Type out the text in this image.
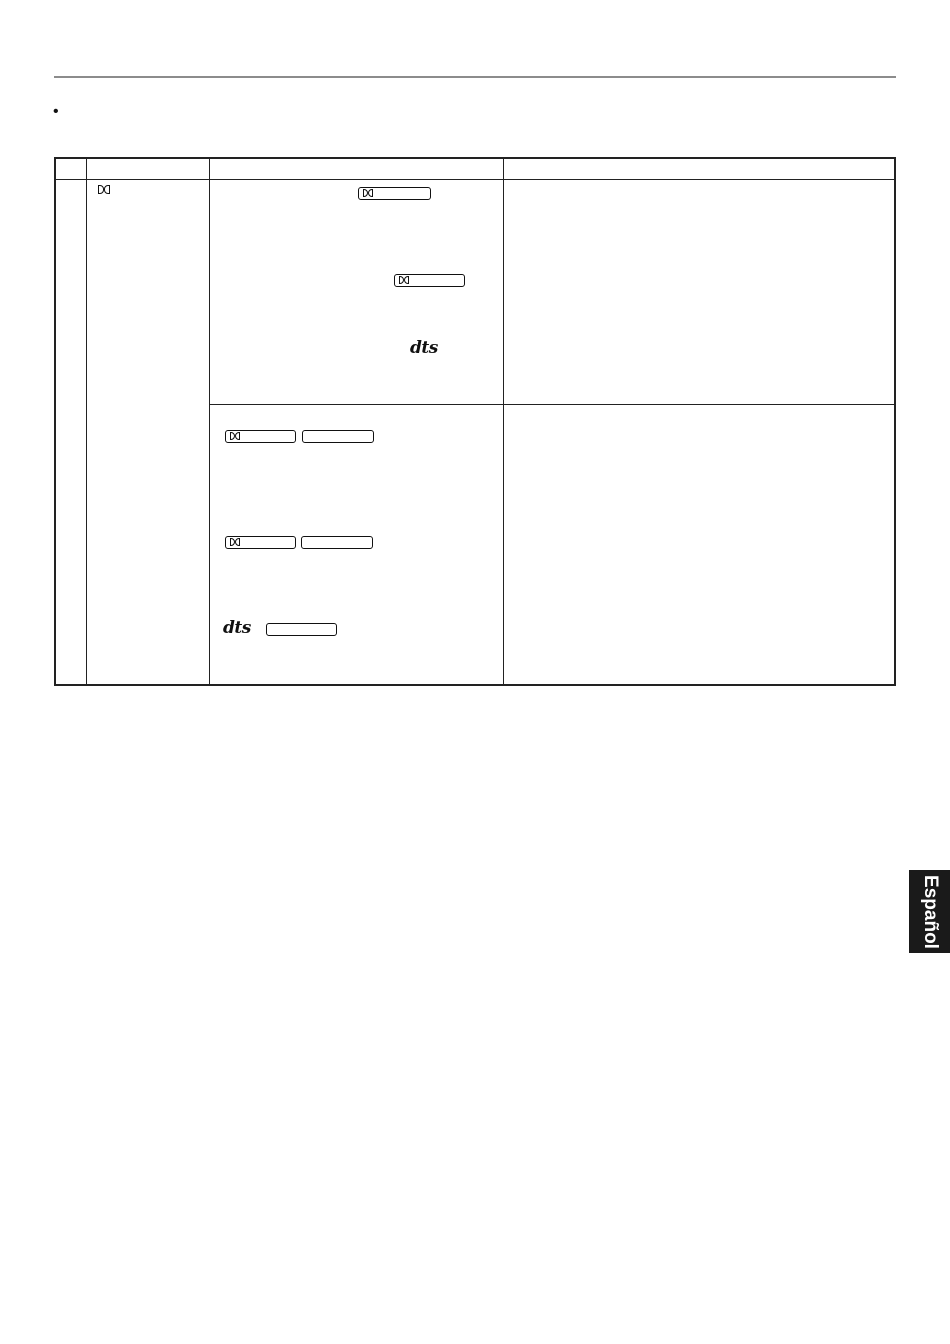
•
dts
dts
Español
